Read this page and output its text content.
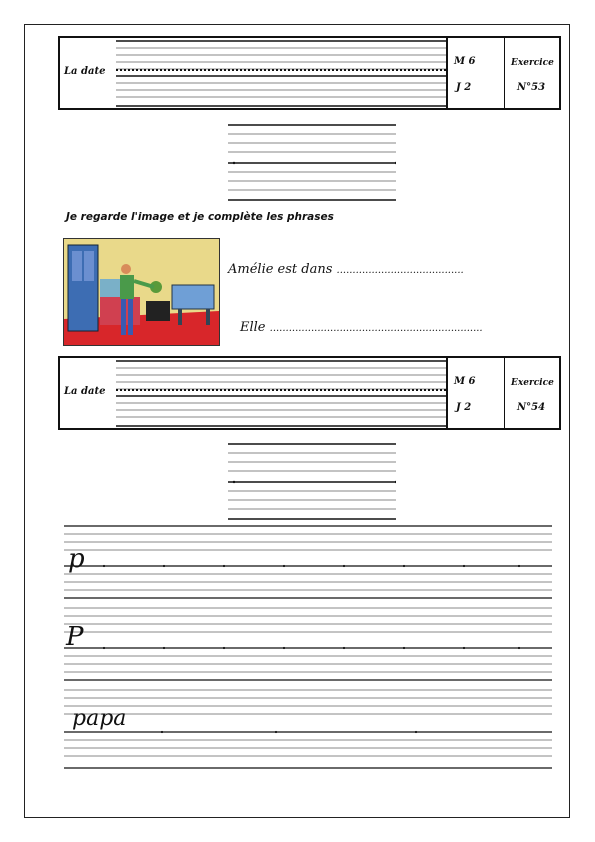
La date
M 6
J 2
Exercice
N°53
Je regarde l'image et je complète les phrases
Amélie est dans ........................................
Elle ...................................................................
La date
M 6
J 2
Exercice
N°54
p
P
papa
